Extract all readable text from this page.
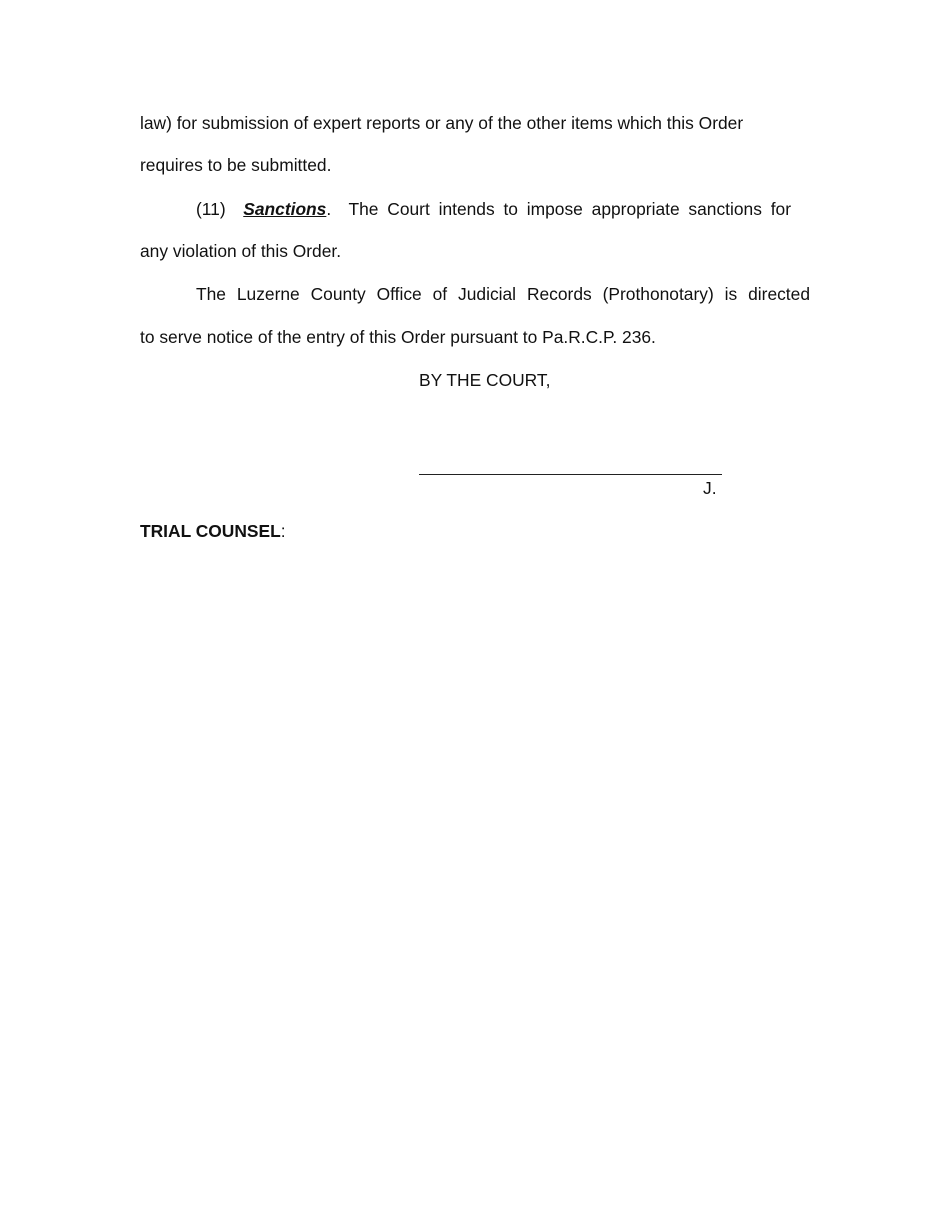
law) for submission of expert reports or any of the other items which this Order
requires to be submitted.
(11) Sanctions. The Court intends to impose appropriate sanctions for
any violation of this Order.
The Luzerne County Office of Judicial Records (Prothonotary) is directed
to serve notice of the entry of this Order pursuant to Pa.R.C.P. 236.
BY THE COURT,
J.
TRIAL COUNSEL:
